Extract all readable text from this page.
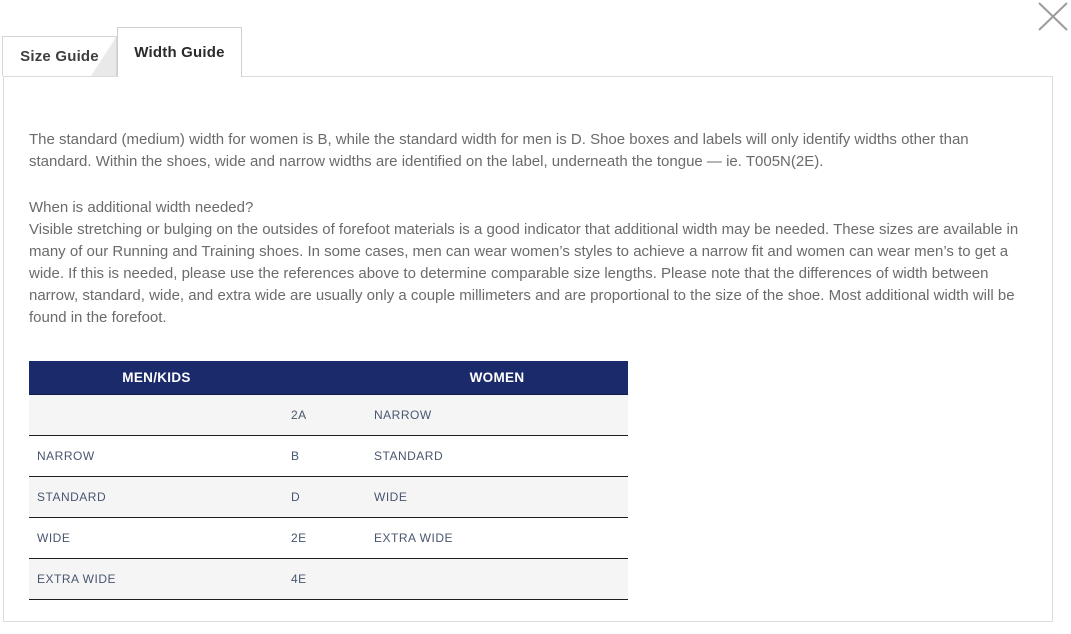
Size Guide Width Guide

The standard (medium) width for women is B, while the standard width for men is D. Shoe boxes and labels will only identify widths other than standard. Within the shoes, wide and narrow widths are identified on the label, underneath the tongue — ie. T005N(2E).

When is additional width needed?
Visible stretching or bulging on the outsides of forefoot materials is a good indicator that additional width may be needed. These sizes are available in many of our Running and Training shoes. In some cases, men can wear women’s styles to achieve a narrow fit and women can wear men’s to get a wide. If this is needed, please use the references above to determine comparable size lengths. Please note that the differences of width between narrow, standard, wide, and extra wide are usually only a couple millimeters and are proportional to the size of the shoe. Most additional width will be found in the forefoot.
MEN/KIDS		WOMEN
	2A	NARROW
NARROW	B	STANDARD
STANDARD	D	WIDE
WIDE	2E	EXTRA WIDE
EXTRA WIDE	4E	
